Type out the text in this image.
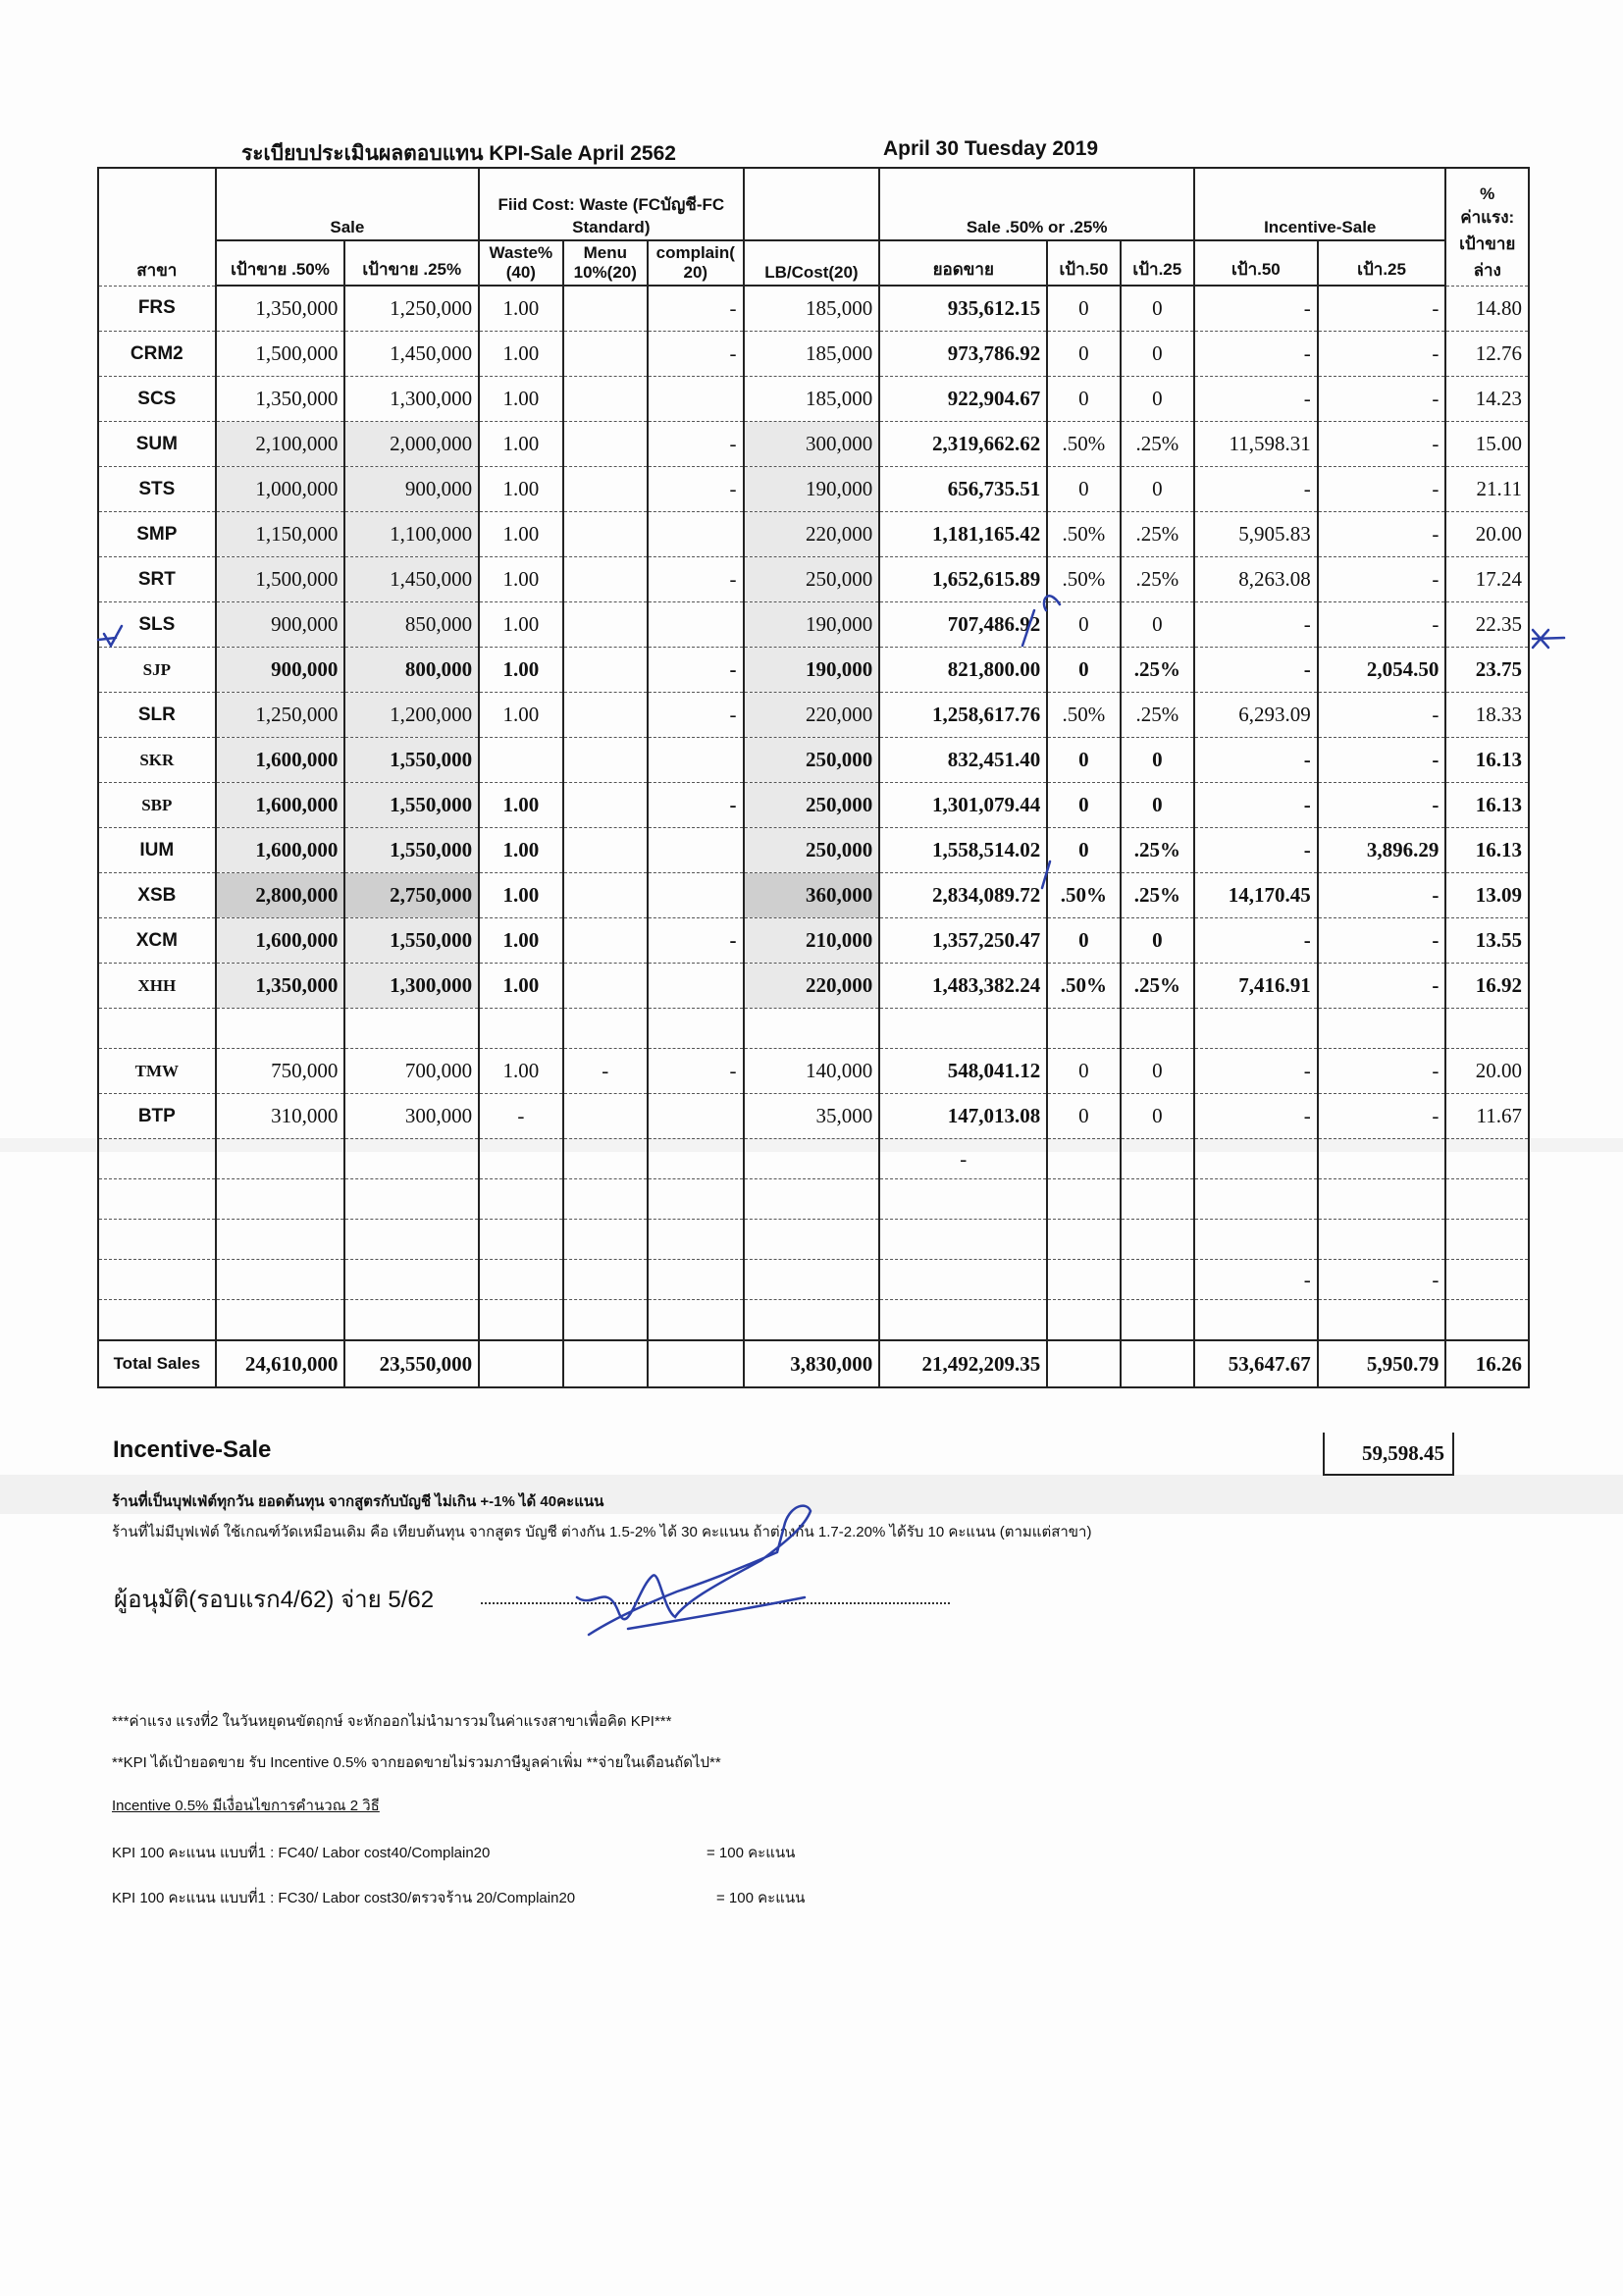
ระเบียบประเมินผลตอบแทน KPI-Sale April 2562	April 30 Tuesday 2019
สาขา	Sale		Fiid Cost: Waste (FCบัญชี-FC Standard)				Sale .50% or .25%			Incentive-Sale		% ค่าแรง: เป้าขาย ล่าง
	เป้าขาย .50%	เป้าขาย .25%	Waste% (40)	Menu 10%(20)	complain( 20)	LB/Cost(20)	ยอดขาย	เป้า.50	เป้า.25	เป้า.50	เป้า.25	
FRS	1,350,000	1,250,000	1.00		-	185,000	935,612.15	0	0	-	-	14.80
CRM2	1,500,000	1,450,000	1.00		-	185,000	973,786.92	0	0	-	-	12.76
SCS	1,350,000	1,300,000	1.00			185,000	922,904.67	0	0	-	-	14.23
SUM	2,100,000	2,000,000	1.00		-	300,000	2,319,662.62	.50%	.25%	11,598.31	-	15.00
STS	1,000,000	900,000	1.00		-	190,000	656,735.51	0	0	-	-	21.11
SMP	1,150,000	1,100,000	1.00			220,000	1,181,165.42	.50%	.25%	5,905.83	-	20.00
SRT	1,500,000	1,450,000	1.00		-	250,000	1,652,615.89	.50%	.25%	8,263.08	-	17.24
SLS	900,000	850,000	1.00			190,000	707,486.92	0	0	-	-	22.35
SJP	900,000	800,000	1.00		-	190,000	821,800.00	0	.25%	-	2,054.50	23.75
SLR	1,250,000	1,200,000	1.00		-	220,000	1,258,617.76	.50%	.25%	6,293.09	-	18.33
SKR	1,600,000	1,550,000				250,000	832,451.40	0	0	-	-	16.13
SBP	1,600,000	1,550,000	1.00		-	250,000	1,301,079.44	0	0	-	-	16.13
IUM	1,600,000	1,550,000	1.00			250,000	1,558,514.02	0	.25%	-	3,896.29	16.13
XSB	2,800,000	2,750,000	1.00			360,000	2,834,089.72	.50%	.25%	14,170.45	-	13.09
XCM	1,600,000	1,550,000	1.00		-	210,000	1,357,250.47	0	0	-	-	13.55
XHH	1,350,000	1,300,000	1.00			220,000	1,483,382.24	.50%	.25%	7,416.91	-	16.92

TMW	750,000	700,000	1.00	-	-	140,000	548,041.12	0	0	-	-	20.00
BTP	310,000	300,000	-			35,000	147,013.08	0	0	-	-	11.67
							-					

										-	-	

Total Sales	24,610,000	23,550,000				3,830,000	21,492,209.35			53,647.67	5,950.79	16.26
Incentive-Sale	59,598.45
ร้านที่เป็นบุฟเฟ่ต์ทุกวัน ยอดต้นทุน จากสูตรกับบัญชี ไม่เกิน +-1% ได้ 40คะแนน
ร้านที่ไม่มีบุฟเฟ่ต์ ใช้เกณฑ์วัดเหมือนเดิม คือ เทียบต้นทุน จากสูตร บัญชี ต่างกัน 1.5-2% ได้ 30 คะแนน ถ้าต่างกัน 1.7-2.20% ได้รับ 10 คะแนน (ตามแต่สาขา)
ผู้อนุมัติ(รอบแรก4/62) จ่าย 5/62
***ค่าแรง แรงที่2 ในวันหยุดนขัตฤกษ์ จะหักออกไม่นำมารวมในค่าแรงสาขาเพื่อคิด KPI***
**KPI ได้เป้ายอดขาย รับ Incentive 0.5% จากยอดขายไม่รวมภาษีมูลค่าเพิ่ม **จ่ายในเดือนถัดไป**
Incentive 0.5% มีเงื่อนไขการคำนวณ 2 วิธี
KPI 100 คะแนน แบบที่1 : FC40/ Labor cost40/Complain20	= 100 คะแนน
KPI 100 คะแนน แบบที่1 : FC30/ Labor cost30/ตรวจร้าน 20/Complain20	= 100 คะแนน
